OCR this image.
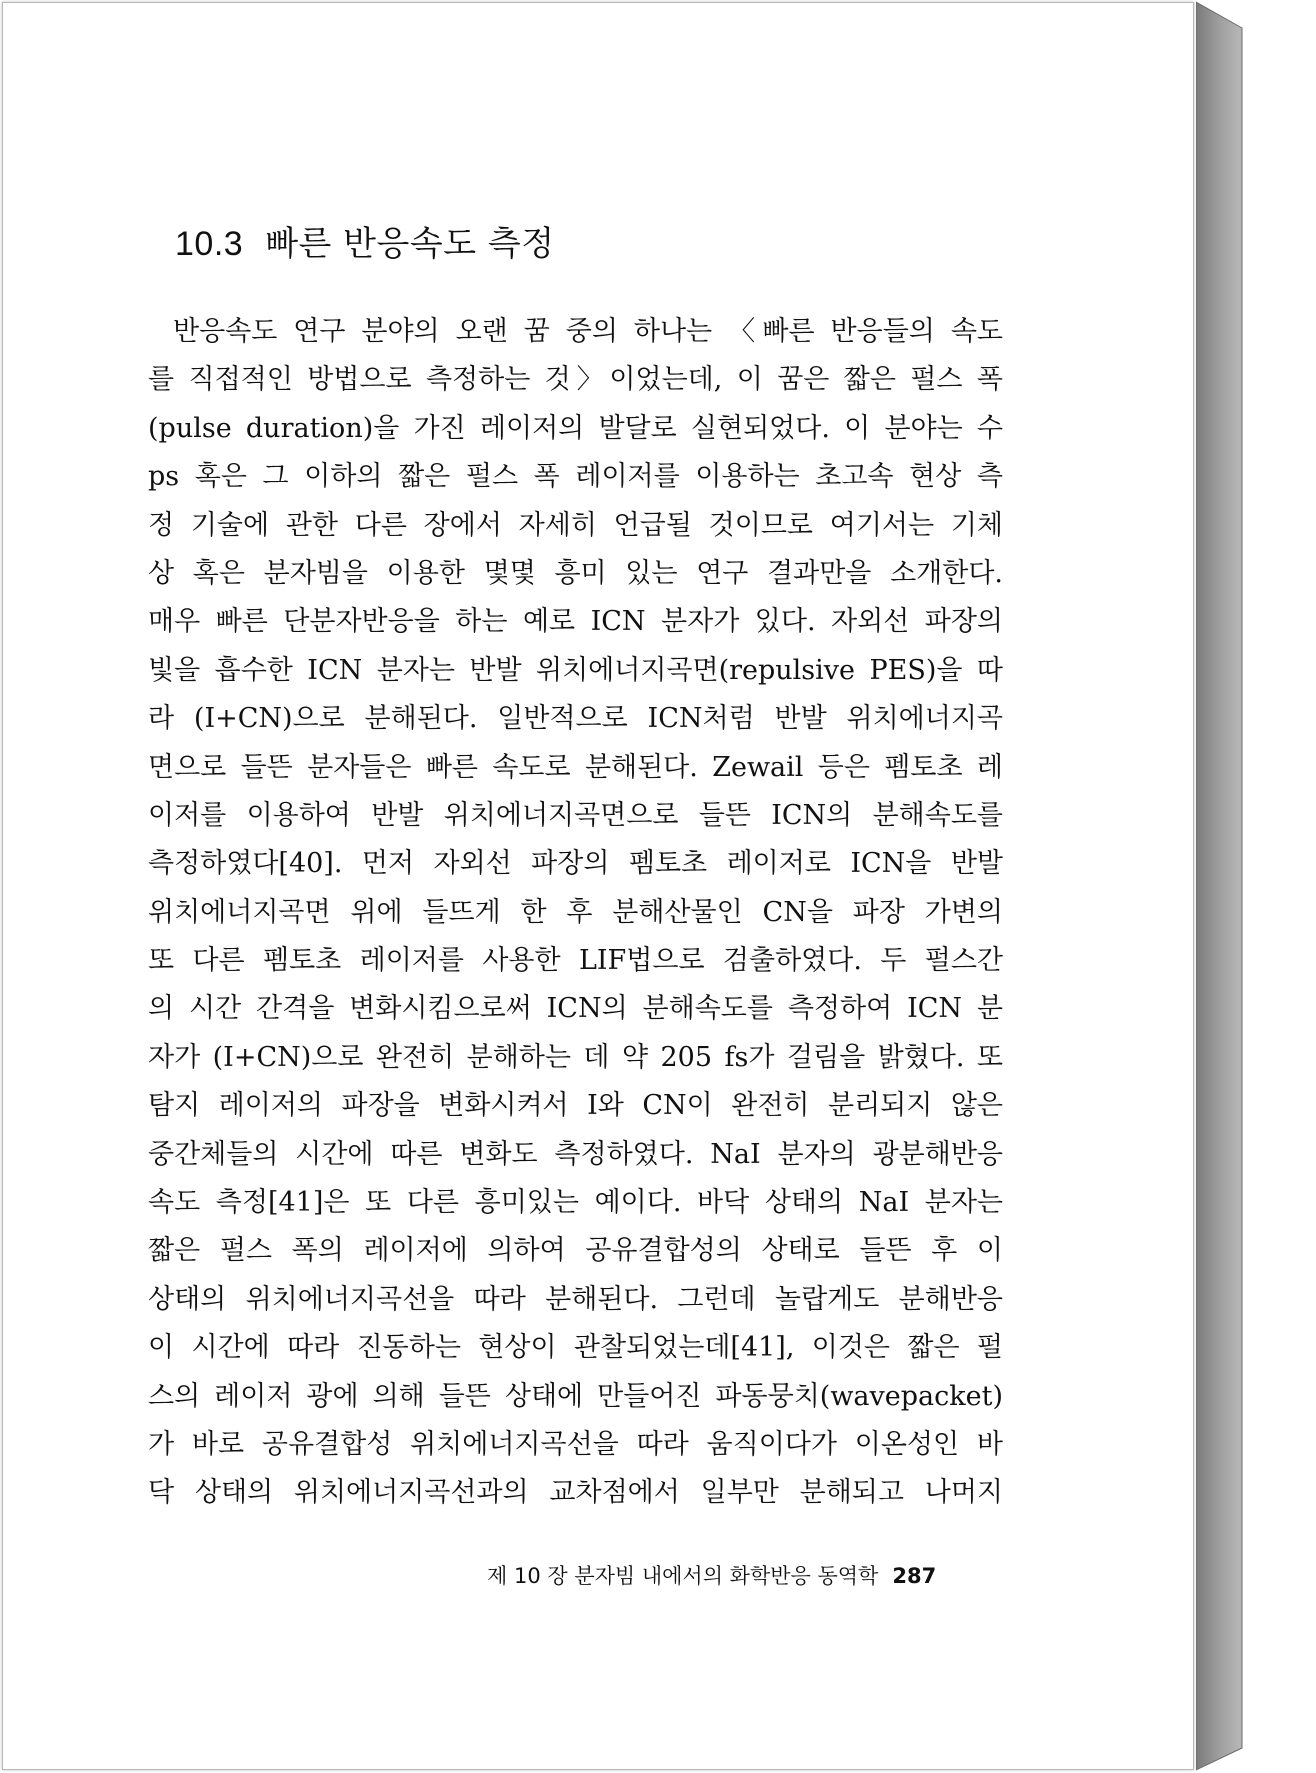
10.3 빠른 반응속도 측정
반응속도 연구 분야의 오랜 꿈 중의 하나는 〈빠른 반응들의 속도
를 직접적인 방법으로 측정하는 것〉이었는데, 이 꿈은 짧은 펄스 폭
(pulse duration)을 가진 레이저의 발달로 실현되었다. 이 분야는 수
ps 혹은 그 이하의 짧은 펄스 폭 레이저를 이용하는 초고속 현상 측
정 기술에 관한 다른 장에서 자세히 언급될 것이므로 여기서는 기체
상 혹은 분자빔을 이용한 몇몇 흥미 있는 연구 결과만을 소개한다.
매우 빠른 단분자반응을 하는 예로 ICN 분자가 있다. 자외선 파장의
빛을 흡수한 ICN 분자는 반발 위치에너지곡면(repulsive PES)을 따
라 (I+CN)으로 분해된다. 일반적으로 ICN처럼 반발 위치에너지곡
면으로 들뜬 분자들은 빠른 속도로 분해된다. Zewail 등은 펨토초 레
이저를 이용하여 반발 위치에너지곡면으로 들뜬 ICN의 분해속도를
측정하였다[40]. 먼저 자외선 파장의 펨토초 레이저로 ICN을 반발
위치에너지곡면 위에 들뜨게 한 후 분해산물인 CN을 파장 가변의
또 다른 펨토초 레이저를 사용한 LIF법으로 검출하였다. 두 펄스간
의 시간 간격을 변화시킴으로써 ICN의 분해속도를 측정하여 ICN 분
자가 (I+CN)으로 완전히 분해하는 데 약 205 fs가 걸림을 밝혔다. 또
탐지 레이저의 파장을 변화시켜서 I와 CN이 완전히 분리되지 않은
중간체들의 시간에 따른 변화도 측정하였다. NaI 분자의 광분해반응
속도 측정[41]은 또 다른 흥미있는 예이다. 바닥 상태의 NaI 분자는
짧은 펄스 폭의 레이저에 의하여 공유결합성의 상태로 들뜬 후 이
상태의 위치에너지곡선을 따라 분해된다. 그런데 놀랍게도 분해반응
이 시간에 따라 진동하는 현상이 관찰되었는데[41], 이것은 짧은 펄
스의 레이저 광에 의해 들뜬 상태에 만들어진 파동뭉치(wavepacket)
가 바로 공유결합성 위치에너지곡선을 따라 움직이다가 이온성인 바
닥 상태의 위치에너지곡선과의 교차점에서 일부만 분해되고 나머지
제 10 장 분자빔 내에서의 화학반응 동역학 287
